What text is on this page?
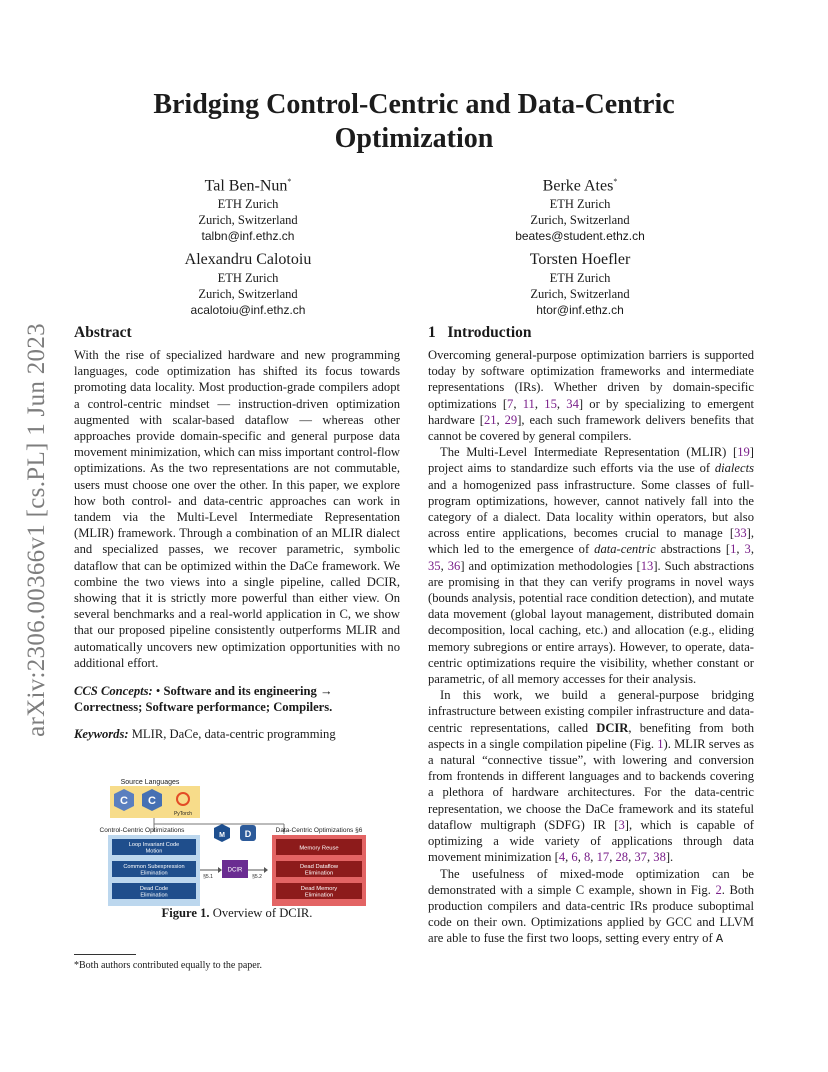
arXiv:2306.00366v1 [cs.PL] 1 Jun 2023
Bridging Control-Centric and Data-Centric Optimization
Tal Ben-Nun*
ETH Zurich
Zurich, Switzerland
talbn@inf.ethz.ch
Berke Ates*
ETH Zurich
Zurich, Switzerland
beates@student.ethz.ch
Alexandru Calotoiu
ETH Zurich
Zurich, Switzerland
acalotoiu@inf.ethz.ch
Torsten Hoefler
ETH Zurich
Zurich, Switzerland
htor@inf.ethz.ch
Abstract

With the rise of specialized hardware and new programming languages, code optimization has shifted its focus towards promoting data locality. Most production-grade compilers adopt a control-centric mindset — instruction-driven optimization augmented with scalar-based dataflow — whereas other approaches provide domain-specific and general purpose data movement minimization, which can miss important control-flow optimizations. As the two representations are not commutable, users must choose one over the other. In this paper, we explore how both control- and data-centric approaches can work in tandem via the Multi-Level Intermediate Representation (MLIR) framework. Through a combination of an MLIR dialect and specialized passes, we recover parametric, symbolic dataflow that can be optimized within the DaCe framework. We combine the two views into a single pipeline, called DCIR, showing that it is strictly more powerful than either view. On several benchmarks and a real-world application in C, we show that our proposed pipeline consistently outperforms MLIR and automatically uncovers new optimization opportunities with no additional effort.

CCS Concepts: • Software and its engineering → Correctness; Software performance; Compilers.
Keywords: MLIR, DaCe, data-centric programming
Source Languages
C C
PyTorch
M D
Control-Centric Optimizations
Loop Invariant Code
Motion
Common Subexpression
Elimination
Dead Code
Elimination
§5.1
DCIR
§5.2
Data-Centric Optimizations §6
Memory Reuse
Dead Dataflow
Elimination
Dead Memory
Elimination
Figure 1. Overview of DCIR.
*Both authors contributed equally to the paper.
1 Introduction

Overcoming general-purpose optimization barriers is supported today by software optimization frameworks and intermediate representations (IRs). Whether driven by domain-specific optimizations [7, 11, 15, 34] or by specializing to emergent hardware [21, 29], each such framework delivers benefits that cannot be covered by general compilers.

The Multi-Level Intermediate Representation (MLIR) [19] project aims to standardize such efforts via the use of dialects and a homogenized pass infrastructure. Some classes of full-program optimizations, however, cannot natively fall into the category of a dialect. Data locality within operators, but also across entire applications, becomes crucial to manage [33], which led to the emergence of data-centric abstractions [1, 3, 35, 36] and optimization methodologies [13]. Such abstractions are promising in that they can verify programs in novel ways (bounds analysis, potential race condition detection), and mutate data movement (global layout management, distributed domain decomposition, local caching, etc.) and allocation (e.g., eliding memory subregions or entire arrays). However, to operate, data-centric optimizations require the visibility, whether constant or parametric, of all memory accesses for their analysis.

In this work, we build a general-purpose bridging infrastructure between existing compiler infrastructure and data-centric representations, called DCIR, benefiting from both aspects in a single compilation pipeline (Fig. 1). MLIR serves as a natural “connective tissue”, with lowering and conversion from frontends in different languages and to backends covering a plethora of hardware architectures. For the data-centric representation, we choose the DaCe framework and its stateful dataflow multigraph (SDFG) IR [3], which is capable of optimizing a wide variety of applications through data movement minimization [4, 6, 8, 17, 28, 37, 38].

The usefulness of mixed-mode optimization can be demonstrated with a simple C example, shown in Fig. 2. Both production compilers and data-centric IRs produce suboptimal code on their own. Optimizations applied by GCC and LLVM are able to fuse the first two loops, setting every entry of A
